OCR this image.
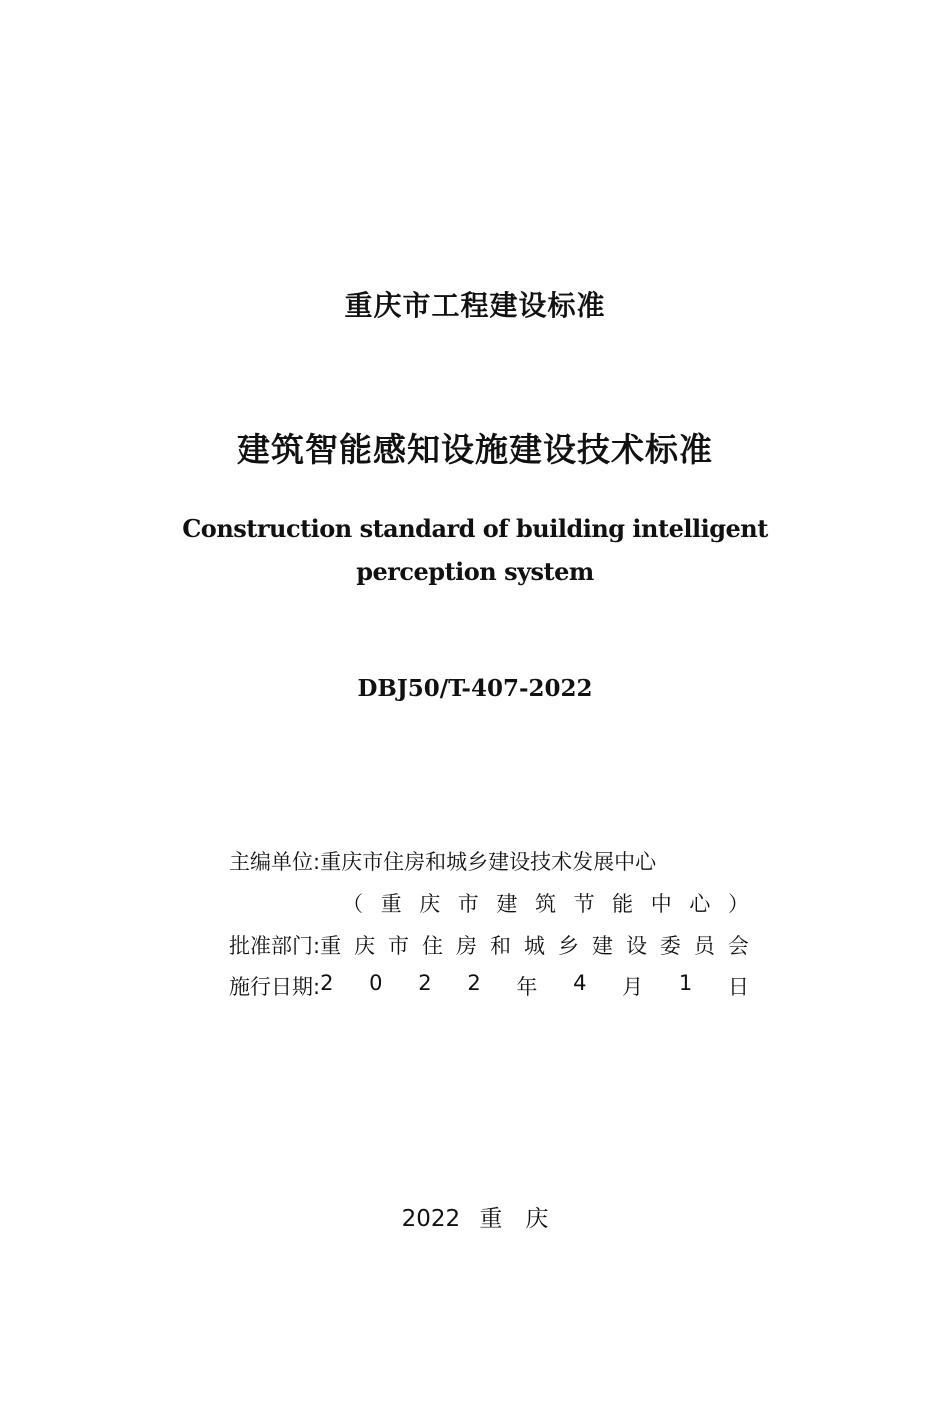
重庆市工程建设标准
建筑智能感知设施建设技术标准
Construction standard of building intelligent
perception system
DBJ50/T-407-2022
主编单位: 重庆市住房和城乡建设技术发展中心
（ 重 庆 市 建 筑 节 能 中 心 ）
批准部门: 重 庆 市 住 房 和 城 乡 建 设 委 员 会
施行日期: 2 0 2 2 年 4 月 1 日
2022 重　庆
